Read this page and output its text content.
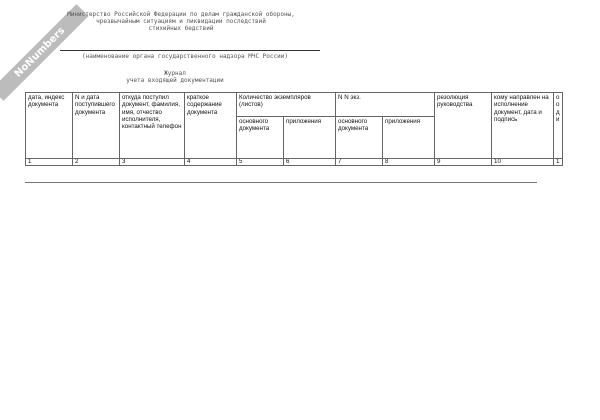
NoNumbers
Министерство Российской Федерации по делам гражданской обороны,
чрезвычайным ситуациям и ликвидации последствий
стихийных бедствий
(наименование органа государственного надзора МЧС России)
Журнал
учета входящей документации
дата, индекс документа	N и дата поступившего документа	откуда поступил документ, фамилия, имя, отчество исполнителя, контактный телефон	краткое содержание документа	Количество экземпляров (листов)		N N экз.		резолюция руководства	кому направлен на исполнение документ, дата и подпись	о о д и
				основного документа	приложения	основного документа	приложения			
1	2	3	4	5	6	7	8	9	10	1
